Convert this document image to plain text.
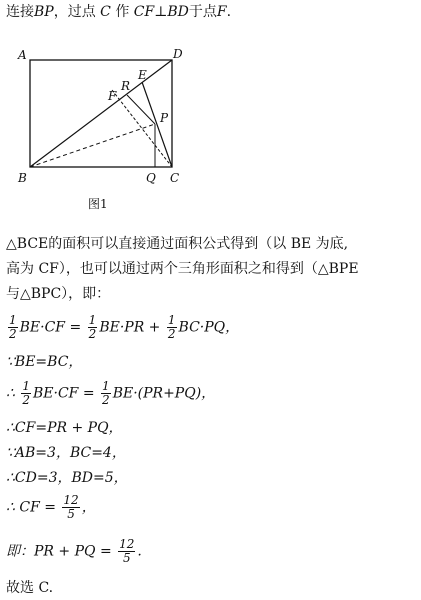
连接BP，过点 C 作 CF⊥BD于点F.
A	D
B	C
E
R
F
P
Q
图1
△BCE的面积可以直接通过面积公式得到（以 BE 为底,
高为 CF），也可以通过两个三角形面积之和得到（△BPE
与△BPC），即：
$\frac{1}{2} BE\cdot CF = \frac{1}{2} BE\cdot PR + \frac{1}{2} BC\cdot PQ$，
∵BE=BC，
∴ $\frac{1}{2} BE\cdot CF = \frac{1}{2} BE\cdot(PR+PQ)$，
∴CF=PR + PQ，
∵AB=3，BC=4，
∴CD=3，BD=5，
∴ CF = $\frac{12}{5}$ ，
即：PR + PQ = $\frac{12}{5}$ .
故选 C.
